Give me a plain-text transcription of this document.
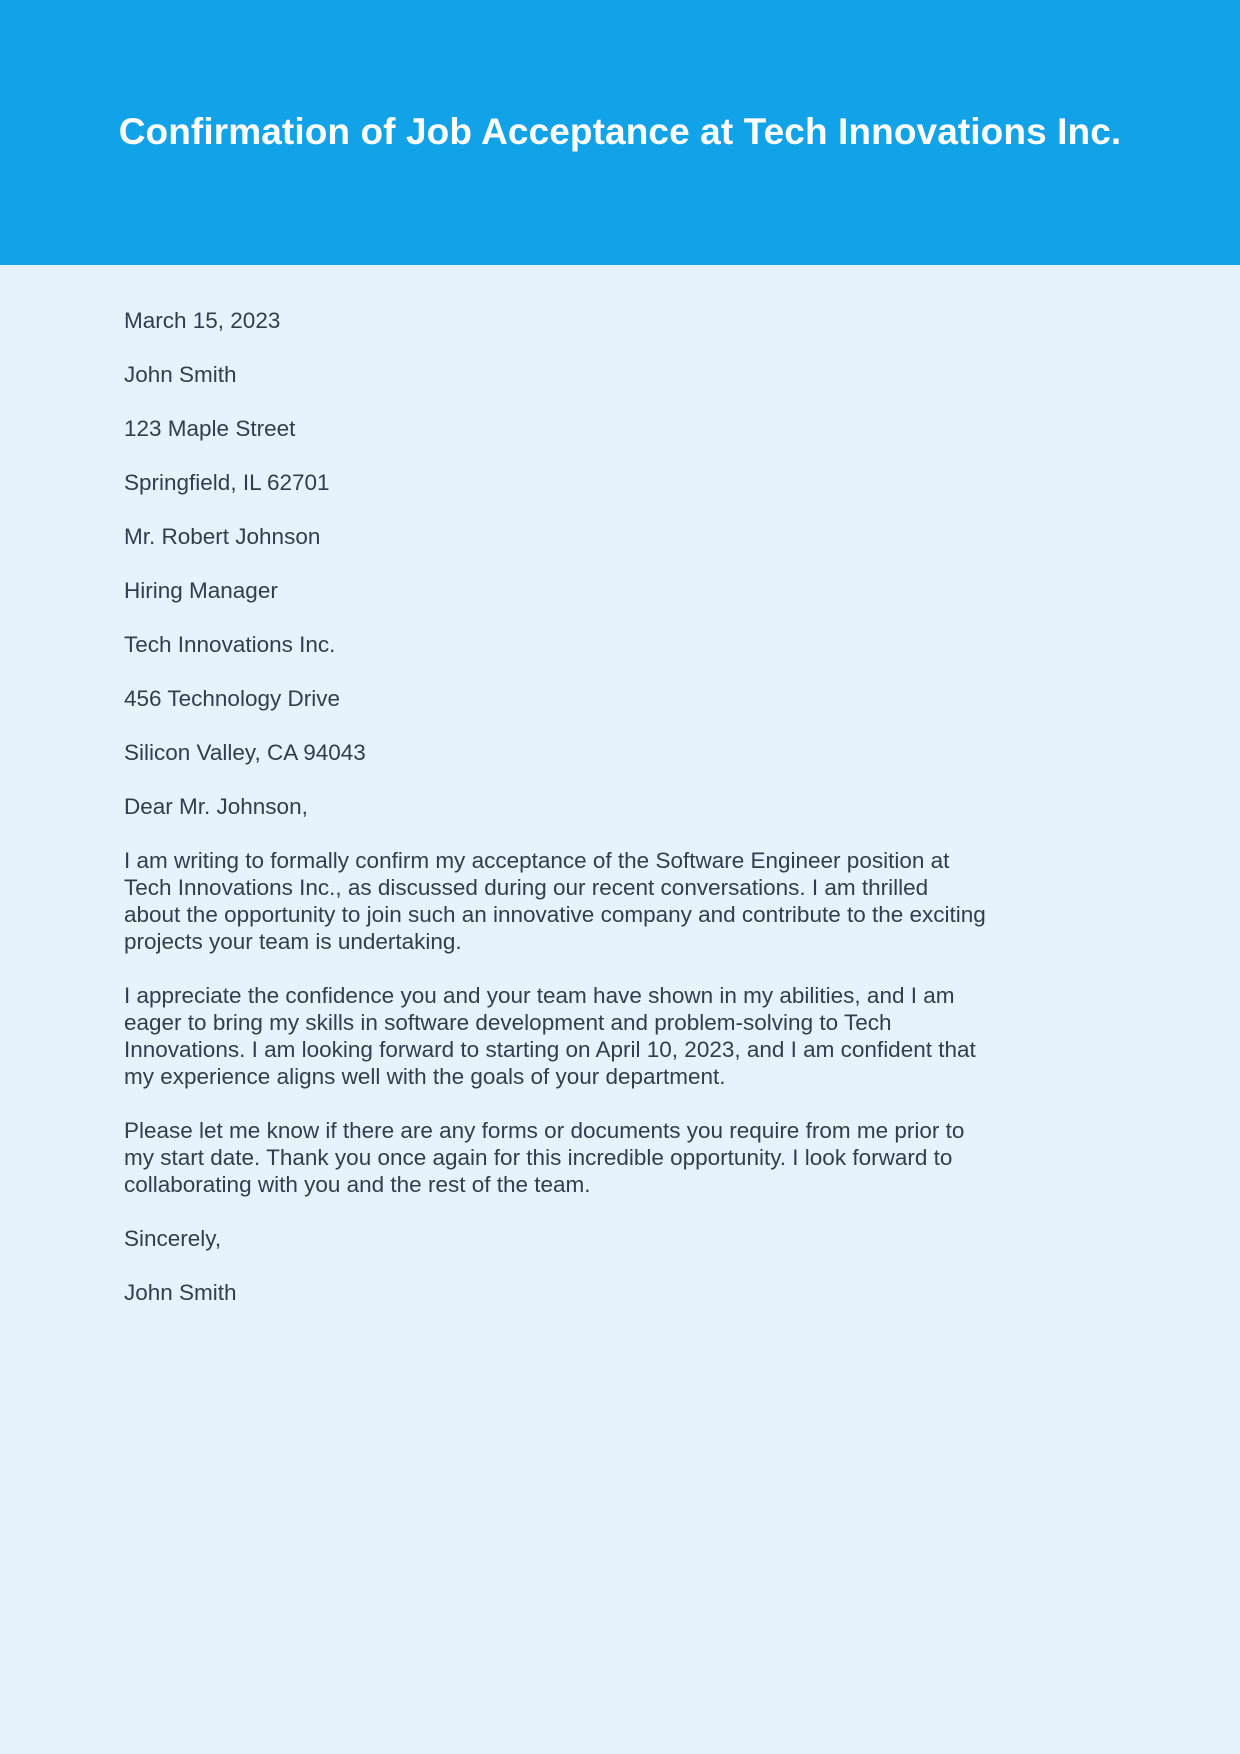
Confirmation of Job Acceptance at Tech Innovations Inc.

March 15, 2023

John Smith

123 Maple Street

Springfield, IL 62701

Mr. Robert Johnson

Hiring Manager

Tech Innovations Inc.

456 Technology Drive

Silicon Valley, CA 94043

Dear Mr. Johnson,

I am writing to formally confirm my acceptance of the Software Engineer position at Tech Innovations Inc., as discussed during our recent conversations. I am thrilled about the opportunity to join such an innovative company and contribute to the exciting projects your team is undertaking.

I appreciate the confidence you and your team have shown in my abilities, and I am eager to bring my skills in software development and problem-solving to Tech Innovations. I am looking forward to starting on April 10, 2023, and I am confident that my experience aligns well with the goals of your department.

Please let me know if there are any forms or documents you require from me prior to my start date. Thank you once again for this incredible opportunity. I look forward to collaborating with you and the rest of the team.

Sincerely,

John Smith
